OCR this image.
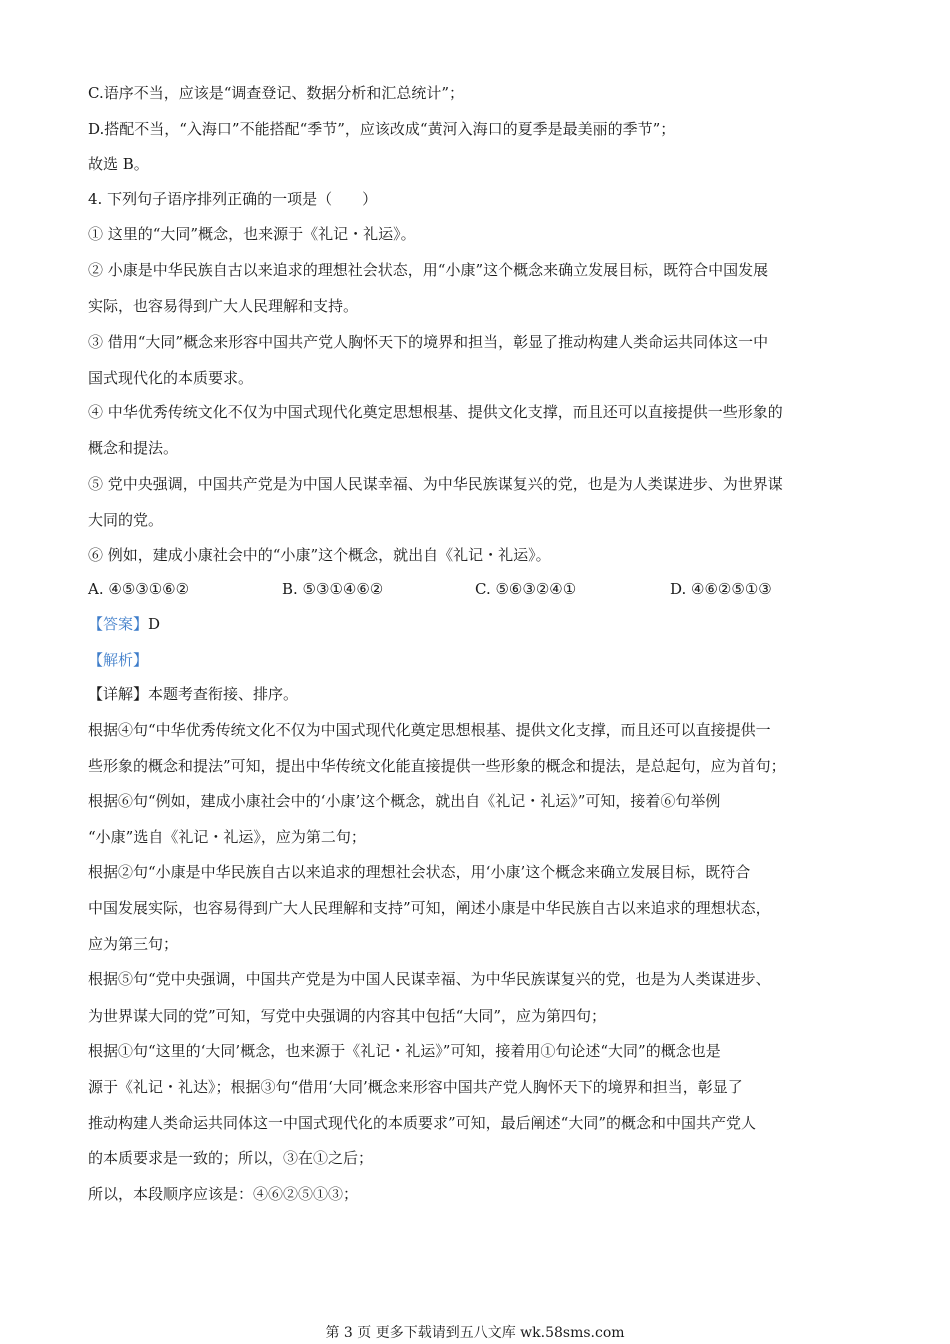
C.语序不当，应该是“调查登记、数据分析和汇总统计”；
D.搭配不当，“入海口”不能搭配“季节”，应该改成“黄河入海口的夏季是最美丽的季节”；
故选 B。
4. 下列句子语序排列正确的一项是（　　）
① 这里的“大同”概念，也来源于《礼记・礼运》。
② 小康是中华民族自古以来追求的理想社会状态，用“小康”这个概念来确立发展目标，既符合中国发展
实际，也容易得到广大人民理解和支持。
③ 借用“大同”概念来形容中国共产党人胸怀天下的境界和担当，彰显了推动构建人类命运共同体这一中
国式现代化的本质要求。
④ 中华优秀传统文化不仅为中国式现代化奠定思想根基、提供文化支撑，而且还可以直接提供一些形象的
概念和提法。
⑤ 党中央强调，中国共产党是为中国人民谋幸福、为中华民族谋复兴的党，也是为人类谋进步、为世界谋
大同的党。
⑥ 例如，建成小康社会中的“小康”这个概念，就出自《礼记・礼运》。
A. ④⑤③①⑥②	B. ⑤③①④⑥②	C. ⑤⑥③②④①	D. ④⑥②⑤①③
【答案】D
【解析】
【详解】本题考查衔接、排序。
根据④句“中华优秀传统文化不仅为中国式现代化奠定思想根基、提供文化支撑，而且还可以直接提供一
些形象的概念和提法”可知，提出中华传统文化能直接提供一些形象的概念和提法，是总起句，应为首句；
根据⑥句“例如，建成小康社会中的‘小康’这个概念，就出自《礼记・礼运》”可知，接着⑥句举例
“小康”选自《礼记・礼运》，应为第二句；
根据②句“小康是中华民族自古以来追求的理想社会状态，用‘小康’这个概念来确立发展目标，既符合
中国发展实际，也容易得到广大人民理解和支持”可知，阐述小康是中华民族自古以来追求的理想状态，
应为第三句；
根据⑤句“党中央强调，中国共产党是为中国人民谋幸福、为中华民族谋复兴的党，也是为人类谋进步、
为世界谋大同的党”可知，写党中央强调的内容其中包括“大同”，应为第四句；
根据①句“这里的‘大同’概念，也来源于《礼记・礼运》”可知，接着用①句论述“大同”的概念也是
源于《礼记・礼达》；根据③句“借用‘大同’概念来形容中国共产党人胸怀天下的境界和担当，彰显了
推动构建人类命运共同体这一中国式现代化的本质要求”可知，最后阐述“大同”的概念和中国共产党人
的本质要求是一致的；所以，③在①之后；
所以，本段顺序应该是：④⑥②⑤①③；
第 3 页 更多下载请到五八文库 wk.58sms.com
